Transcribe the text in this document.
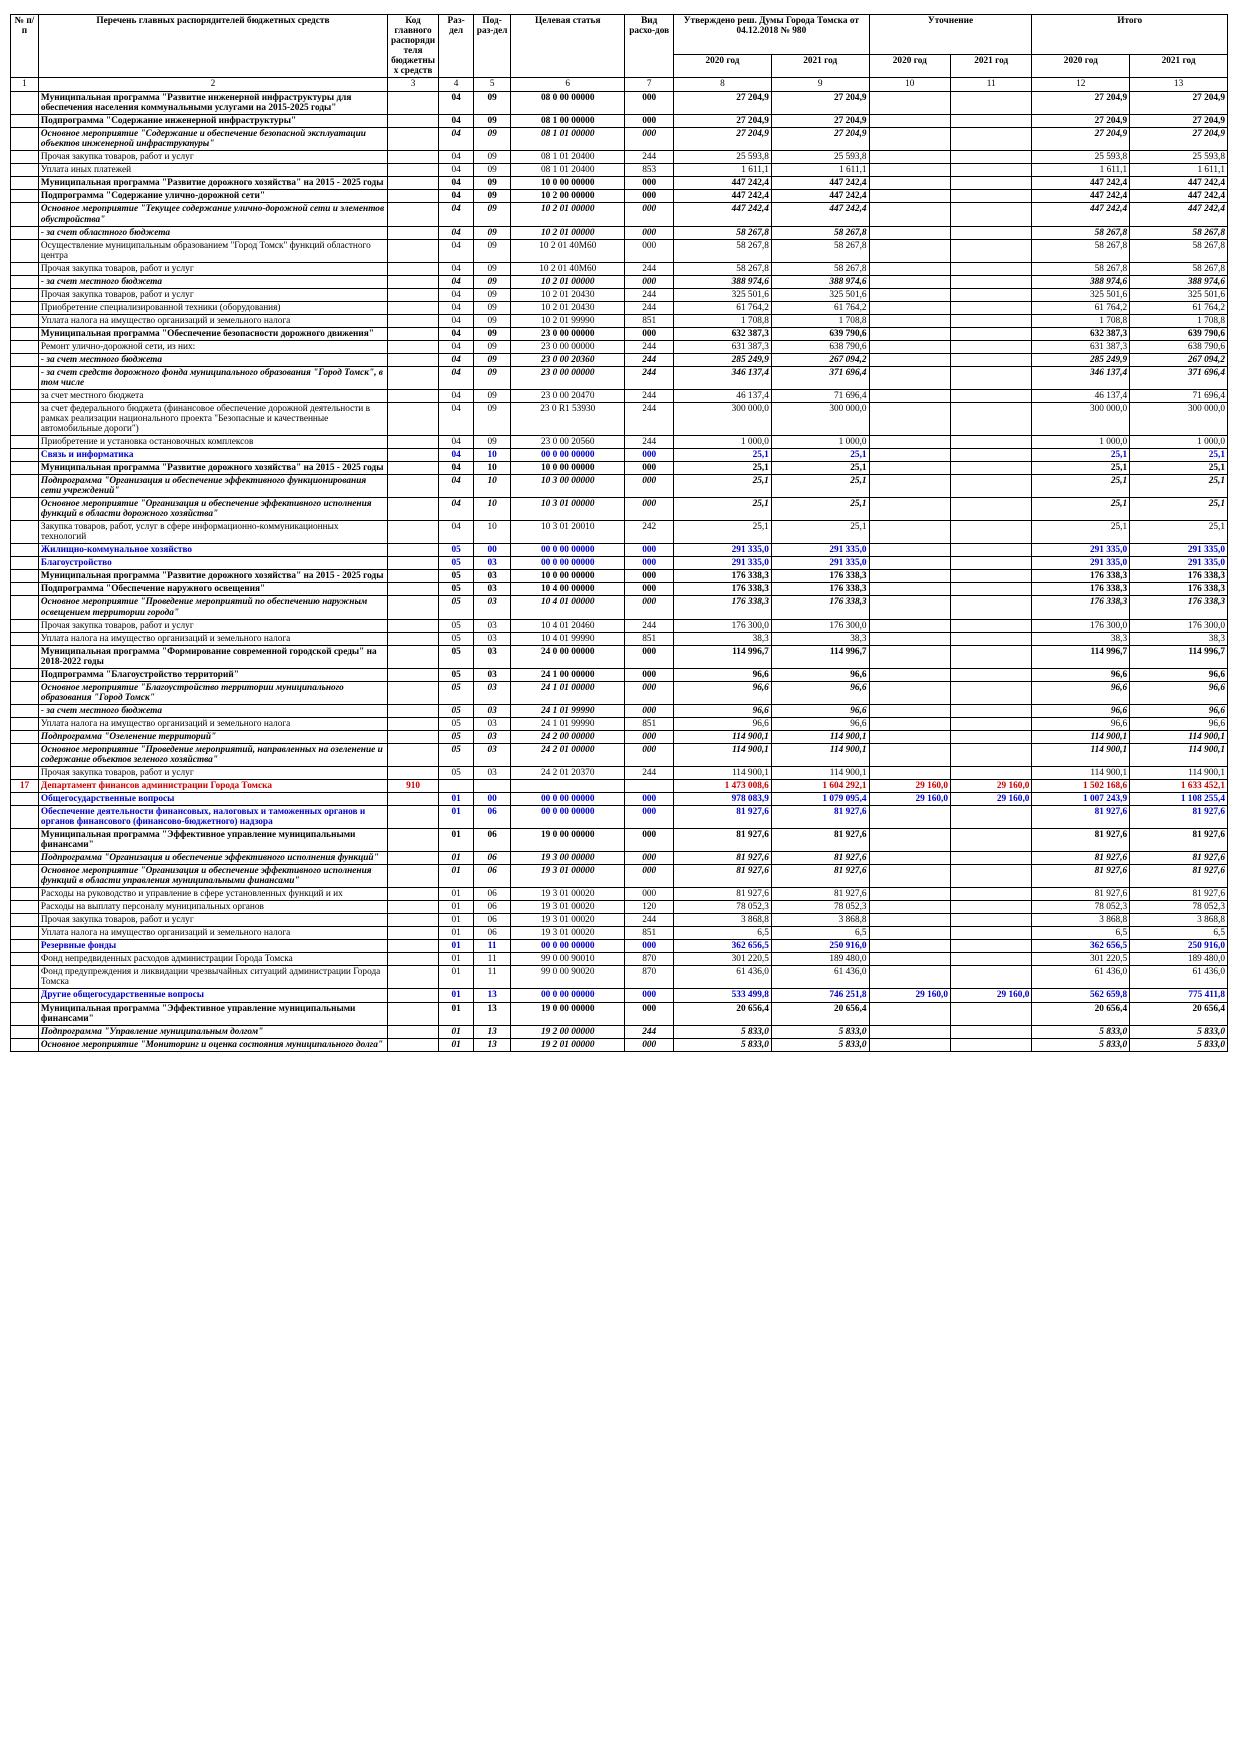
№ п/п	Перечень главных распорядителей бюджетных средств	Код главного распорядителя бюджетных средств	Раз-дел	Под-раз-дел	Целевая статья	Вид расхо-дов	Утверждено реш. Думы Города Томска от 04.12.2018 № 980		Уточнение		Итого	
							2020 год	2021 год	2020 год	2021 год	2020 год	2021 год
1	2	3	4	5	6	7	8	9	10	11	12	13
	Муниципальная программа "Развитие инженерной инфраструктуры для обеспечения населения коммунальными услугами на 2015-2025 годы"		04	09	08 0 00 00000	000	27 204,9	27 204,9			27 204,9	27 204,9
	Подпрограмма "Содержание инженерной инфраструктуры"		04	09	08 1 00 00000	000	27 204,9	27 204,9			27 204,9	27 204,9
	Основное мероприятие "Содержание и обеспечение безопасной эксплуатации объектов инженерной инфраструктуры"		04	09	08 1 01 00000	000	27 204,9	27 204,9			27 204,9	27 204,9
	Прочая закупка товаров, работ и услуг		04	09	08 1 01 20400	244	25 593,8	25 593,8			25 593,8	25 593,8
	Уплата иных платежей		04	09	08 1 01 20400	853	1 611,1	1 611,1			1 611,1	1 611,1
	Муниципальная программа "Развитие дорожного хозяйства" на 2015 - 2025 годы		04	09	10 0 00 00000	000	447 242,4	447 242,4			447 242,4	447 242,4
	Подпрограмма "Содержание улично-дорожной сети"		04	09	10 2 00 00000	000	447 242,4	447 242,4			447 242,4	447 242,4
	Основное мероприятие "Текущее содержание улично-дорожной сети и элементов обустройства"		04	09	10 2 01 00000	000	447 242,4	447 242,4			447 242,4	447 242,4
	- за счет областного бюджета		04	09	10 2 01 00000	000	58 267,8	58 267,8			58 267,8	58 267,8
	Осуществление муниципальным образованием "Город Томск" функций областного центра		04	09	10 2 01 40М60	000	58 267,8	58 267,8			58 267,8	58 267,8
	Прочая закупка товаров, работ и услуг		04	09	10 2 01 40М60	244	58 267,8	58 267,8			58 267,8	58 267,8
	- за счет местного бюджета		04	09	10 2 01 00000	000	388 974,6	388 974,6			388 974,6	388 974,6
	Прочая закупка товаров, работ и услуг		04	09	10 2 01 20430	244	325 501,6	325 501,6			325 501,6	325 501,6
	Приобретение специализированной техники (оборудования)		04	09	10 2 01 20430	244	61 764,2	61 764,2			61 764,2	61 764,2
	Уплата налога на имущество организаций и земельного налога		04	09	10 2 01 99990	851	1 708,8	1 708,8			1 708,8	1 708,8
	Муниципальная программа "Обеспечение безопасности дорожного движения"		04	09	23 0 00 00000	000	632 387,3	639 790,6			632 387,3	639 790,6
	Ремонт улично-дорожной сети, из них:		04	09	23 0 00 00000	244	631 387,3	638 790,6			631 387,3	638 790,6
	- за счет местного бюджета		04	09	23 0 00 20360	244	285 249,9	267 094,2			285 249,9	267 094,2
	- за счет средств дорожного фонда муниципального образования "Город Томск", в том числе		04	09	23 0 00 00000	244	346 137,4	371 696,4			346 137,4	371 696,4
	за счет местного бюджета		04	09	23 0 00 20470	244	46 137,4	71 696,4			46 137,4	71 696,4
	за счет федерального бюджета (финансовое обеспечение дорожной деятельности в рамках реализации национального проекта "Безопасные и качественные автомобильные дороги")		04	09	23 0 R1 53930	244	300 000,0	300 000,0			300 000,0	300 000,0
	Приобретение и установка остановочных комплексов		04	09	23 0 00 20560	244	1 000,0	1 000,0			1 000,0	1 000,0
	Связь и информатика		04	10	00 0 00 00000	000	25,1	25,1			25,1	25,1
	Муниципальная программа "Развитие дорожного хозяйства" на 2015 - 2025 годы		04	10	10 0 00 00000	000	25,1	25,1			25,1	25,1
	Подпрограмма "Организация и обеспечение эффективного функционирования сети учреждений"		04	10	10 3 00 00000	000	25,1	25,1			25,1	25,1
	Основное мероприятие "Организация и обеспечение эффективного исполнения функций в области дорожного хозяйства"		04	10	10 3 01 00000	000	25,1	25,1			25,1	25,1
	Закупка товаров, работ, услуг в сфере информационно-коммуникационных технологий		04	10	10 3 01 20010	242	25,1	25,1			25,1	25,1
	Жилищно-коммунальное хозяйство		05	00	00 0 00 00000	000	291 335,0	291 335,0			291 335,0	291 335,0
	Благоустройство		05	03	00 0 00 00000	000	291 335,0	291 335,0			291 335,0	291 335,0
	Муниципальная программа "Развитие дорожного хозяйства" на 2015 - 2025 годы		05	03	10 0 00 00000	000	176 338,3	176 338,3			176 338,3	176 338,3
	Подпрограмма "Обеспечение наружного освещения"		05	03	10 4 00 00000	000	176 338,3	176 338,3			176 338,3	176 338,3
	Основное мероприятие "Проведение мероприятий по обеспечению наружным освещением территории города"		05	03	10 4 01 00000	000	176 338,3	176 338,3			176 338,3	176 338,3
	Прочая закупка товаров, работ и услуг		05	03	10 4 01 20460	244	176 300,0	176 300,0			176 300,0	176 300,0
	Уплата налога на имущество организаций и земельного налога		05	03	10 4 01 99990	851	38,3	38,3			38,3	38,3
	Муниципальная программа "Формирование современной городской среды" на 2018-2022 годы		05	03	24 0 00 00000	000	114 996,7	114 996,7			114 996,7	114 996,7
	Подпрограмма "Благоустройство территорий"		05	03	24 1 00 00000	000	96,6	96,6			96,6	96,6
	Основное мероприятие "Благоустройство территории муниципального образования "Город Томск"		05	03	24 1 01 00000	000	96,6	96,6			96,6	96,6
	- за счет местного бюджета		05	03	24 1 01 99990	000	96,6	96,6			96,6	96,6
	Уплата налога на имущество организаций и земельного налога		05	03	24 1 01 99990	851	96,6	96,6			96,6	96,6
	Подпрограмма "Озеленение территорий"		05	03	24 2 00 00000	000	114 900,1	114 900,1			114 900,1	114 900,1
	Основное мероприятие "Проведение мероприятий, направленных на озеленение и содержание объектов зеленого хозяйства"		05	03	24 2 01 00000	000	114 900,1	114 900,1			114 900,1	114 900,1
	Прочая закупка товаров, работ и услуг		05	03	24 2 01 20370	244	114 900,1	114 900,1			114 900,1	114 900,1
17	Департамент финансов администрации Города Томска	910					1 473 008,6	1 604 292,1	29 160,0	29 160,0	1 502 168,6	1 633 452,1
	Общегосударственные вопросы		01	00	00 0 00 00000	000	978 083,9	1 079 095,4	29 160,0	29 160,0	1 007 243,9	1 108 255,4
	Обеспечение деятельности финансовых, налоговых и таможенных органов и органов финансового (финансово-бюджетного) надзора		01	06	00 0 00 00000	000	81 927,6	81 927,6			81 927,6	81 927,6
	Муниципальная программа "Эффективное управление муниципальными финансами"		01	06	19 0 00 00000	000	81 927,6	81 927,6			81 927,6	81 927,6
	Подпрограмма "Организация и обеспечение эффективного исполнения функций"		01	06	19 3 00 00000	000	81 927,6	81 927,6			81 927,6	81 927,6
	Основное мероприятие "Организация и обеспечение эффективного исполнения функций в области управления муниципальными финансами"		01	06	19 3 01 00000	000	81 927,6	81 927,6			81 927,6	81 927,6
	Расходы на руководство и управление в сфере установленных функций и их		01	06	19 3 01 00020	000	81 927,6	81 927,6			81 927,6	81 927,6
	Расходы на выплату персоналу муниципальных органов		01	06	19 3 01 00020	120	78 052,3	78 052,3			78 052,3	78 052,3
	Прочая закупка товаров, работ и услуг		01	06	19 3 01 00020	244	3 868,8	3 868,8			3 868,8	3 868,8
	Уплата налога на имущество организаций и земельного налога		01	06	19 3 01 00020	851	6,5	6,5			6,5	6,5
	Резервные фонды		01	11	00 0 00 00000	000	362 656,5	250 916,0			362 656,5	250 916,0
	Фонд непредвиденных расходов администрации Города Томска		01	11	99 0 00 90010	870	301 220,5	189 480,0			301 220,5	189 480,0
	Фонд предупреждения и ликвидации чрезвычайных ситуаций администрации Города Томска		01	11	99 0 00 90020	870	61 436,0	61 436,0			61 436,0	61 436,0
	Другие общегосударственные вопросы		01	13	00 0 00 00000	000	533 499,8	746 251,8	29 160,0	29 160,0	562 659,8	775 411,8
	Муниципальная программа "Эффективное управление муниципальными финансами"		01	13	19 0 00 00000	000	20 656,4	20 656,4			20 656,4	20 656,4
	Подпрограмма "Управление муниципальным долгом"		01	13	19 2 00 00000	244	5 833,0	5 833,0			5 833,0	5 833,0
	Основное мероприятие "Мониторинг и оценка состояния муниципального долга"		01	13	19 2 01 00000	000	5 833,0	5 833,0			5 833,0	5 833,0
